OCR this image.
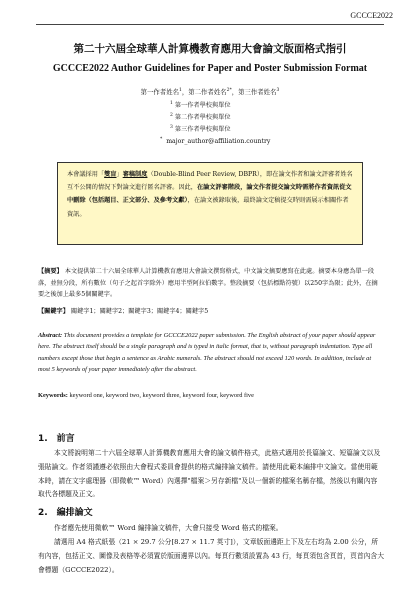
GCCCE2022
第二十六屆全球華人計算機教育應用大會論文版面格式指引
GCCCE2022 Author Guidelines for Paper and Poster Submission Format
第一作者姓名$^1$，第二作者姓名$^{2*}$，第三作者姓名$^3$
$^1$ 第一作者學校與單位
$^2$ 第二作者學校與單位
$^3$ 第三作者學校與單位
* major_author@affiliation.country
本會議採用「雙盲」審稿制度（Double-Blind Peer Review, DBPR），即在論文作者和論文評審者姓名互不公開的情況下對論文進行匿名評審。因此，在論文評審階段，論文作者提交論文時需將作者資訊從文中刪除（包括題目、正文部分、及參考文獻），在論文被錄取後，最終論文定稿提交時則需展示相關作者資訊。
【摘要】 本文提供第二十六屆全球華人計算機教育應用大會論文撰寫格式，中文論文摘要應寫在此處。摘要本身應為單一段落，並無分段，所有數位（句子之起首字除外）應用半型阿拉伯數字。整段摘要（包括標點符號）以250字為限；此外，在摘要之後加上最多5個關鍵字。
【關鍵字】 關鍵字1；關鍵字2；關鍵字3；關鍵字4；關鍵字5
Abstract: This document provides a template for GCCCE2022 paper submission. The English abstract of your paper should appear here. The abstract itself should be a single paragraph and is typed in italic format, that is, without paragraph indentation. Type all numbers except those that begin a sentence as Arabic numerals. The abstract should not exceed 120 words. In addition, include at most 5 keywords of your paper immediately after the abstract.
Keywords: keyword one, keyword two, keyword three, keyword four, keyword five
1.　前言
本文將說明第二十六屆全球華人計算機教育應用大會的論文稿件格式，此格式適用於長篇論文、短篇論文以及張貼論文。作者須謹遵必依照由大會程式委員會提供的格式編排論文稿件。請使用此範本編排中文論文。當使用範本時，請在文字處理器（即微軟™ Word）內選擇"檔案＞另存新檔"及以一個新的檔案名稱存檔，然後以有關內容取代各標題及正文。
2.　編排論文
作者應先使用微軟™ Word 編排論文稿件，大會只接受 Word 格式的檔案。
請選用 A4 格式紙張（21 × 29.7 公分[8.27 × 11.7 英寸]），文章版面邊距上下及左右均為 2.00 公分，所有內容，包括正文、圖像及表格等必須置於版面邊界以內。每頁行數須設置為 43 行，每頁須包含頁首，頁首內含大會標題（GCCCE2022）。
